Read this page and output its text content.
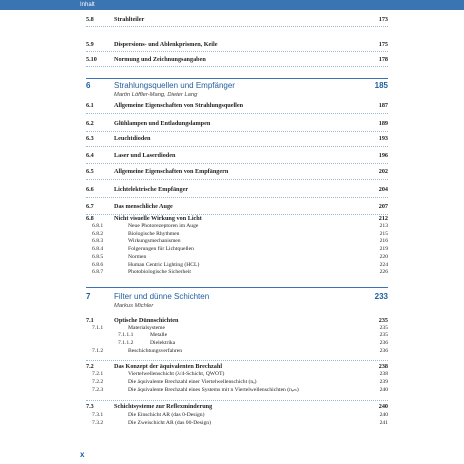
Inhalt
5.8	Strahlteiler	173
5.9	Dispersions- und Ablenkprismen, Keile	175
5.10	Normung und Zeichnungsangaben	178
6	Strahlungsquellen und Empfänger	185
Martin Löffler-Mang, Dieter Lang
6.1	Allgemeine Eigenschaften von Strahlungsquellen	187
6.2	Glühlampen und Entladungslampen	189
6.3	Leuchtdioden	193
6.4	Laser und Laserdioden	196
6.5	Allgemeine Eigenschaften von Empfängern	202
6.6	Lichtelektrische Empfänger	204
6.7	Das menschliche Auge	207
6.8	Nicht visuelle Wirkung von Licht	212
6.8.1	Neue Photorezeptoren im Auge	213
6.8.2	Biologische Rhythmen	215
6.8.3	Wirkungsmechanismen	216
6.8.4	Folgerungen für Lichtquellen	219
6.8.5	Normen	220
6.8.6	Human Centric Lighting (HCL)	224
6.8.7	Photobiologische Sicherheit	226
7	Filter und dünne Schichten	233
Markus Michler
7.1	Optische Dünnschichten	235
7.1.1	Materialsysteme	235
7.1.1.1	Metalle	235
7.1.1.2	Dielektrika	236
7.1.2	Beschichtungsverfahren	236
7.2	Das Konzept der äquivalenten Brechzahl	238
7.2.1	Viertelwellenschicht (λ/4-Schicht, QWOT)	238
7.2.2	Die äquivalente Brechzahl einer Viertelwellenschicht (nₑ)	239
7.2.3	Die äquivalente Brechzahl eines Systems mit n Viertelwellenschichten (nₑₘ)	240
7.3	Schichtsysteme zur Reflexminderung	240
7.3.1	Die Einschicht AR (das 0-Design)	240
7.3.2	Die Zweischicht AR (das 00-Design)	241
x
